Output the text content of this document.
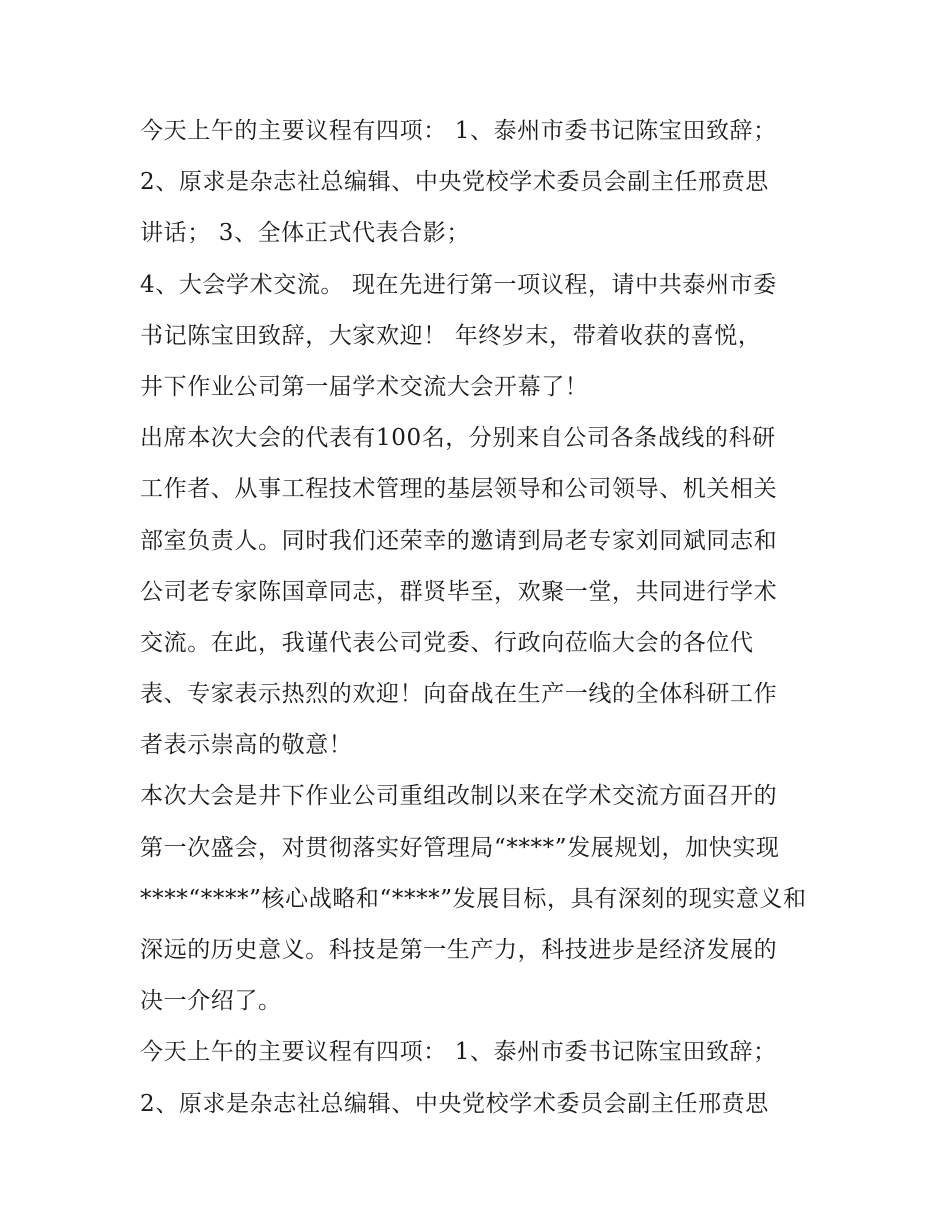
今天上午的主要议程有四项： 1、泰州市委书记陈宝田致辞；
2、原求是杂志社总编辑、中央党校学术委员会副主任邢贲思
讲话； 3、全体正式代表合影；
4、大会学术交流。 现在先进行第一项议程，请中共泰州市委
书记陈宝田致辞，大家欢迎！ 年终岁末，带着收获的喜悦，
井下作业公司第一届学术交流大会开幕了！
出席本次大会的代表有100名，分别来自公司各条战线的科研
工作者、从事工程技术管理的基层领导和公司领导、机关相关
部室负责人。同时我们还荣幸的邀请到局老专家刘同斌同志和
公司老专家陈国章同志，群贤毕至，欢聚一堂，共同进行学术
交流。在此，我谨代表公司党委、行政向莅临大会的各位代
表、专家表示热烈的欢迎！向奋战在生产一线的全体科研工作
者表示崇高的敬意！
本次大会是井下作业公司重组改制以来在学术交流方面召开的
第一次盛会，对贯彻落实好管理局“****”发展规划，加快实现
****“****”核心战略和“****”发展目标，具有深刻的现实意义和
深远的历史意义。科技是第一生产力，科技进步是经济发展的
决一介绍了。
今天上午的主要议程有四项： 1、泰州市委书记陈宝田致辞；
2、原求是杂志社总编辑、中央党校学术委员会副主任邢贲思
